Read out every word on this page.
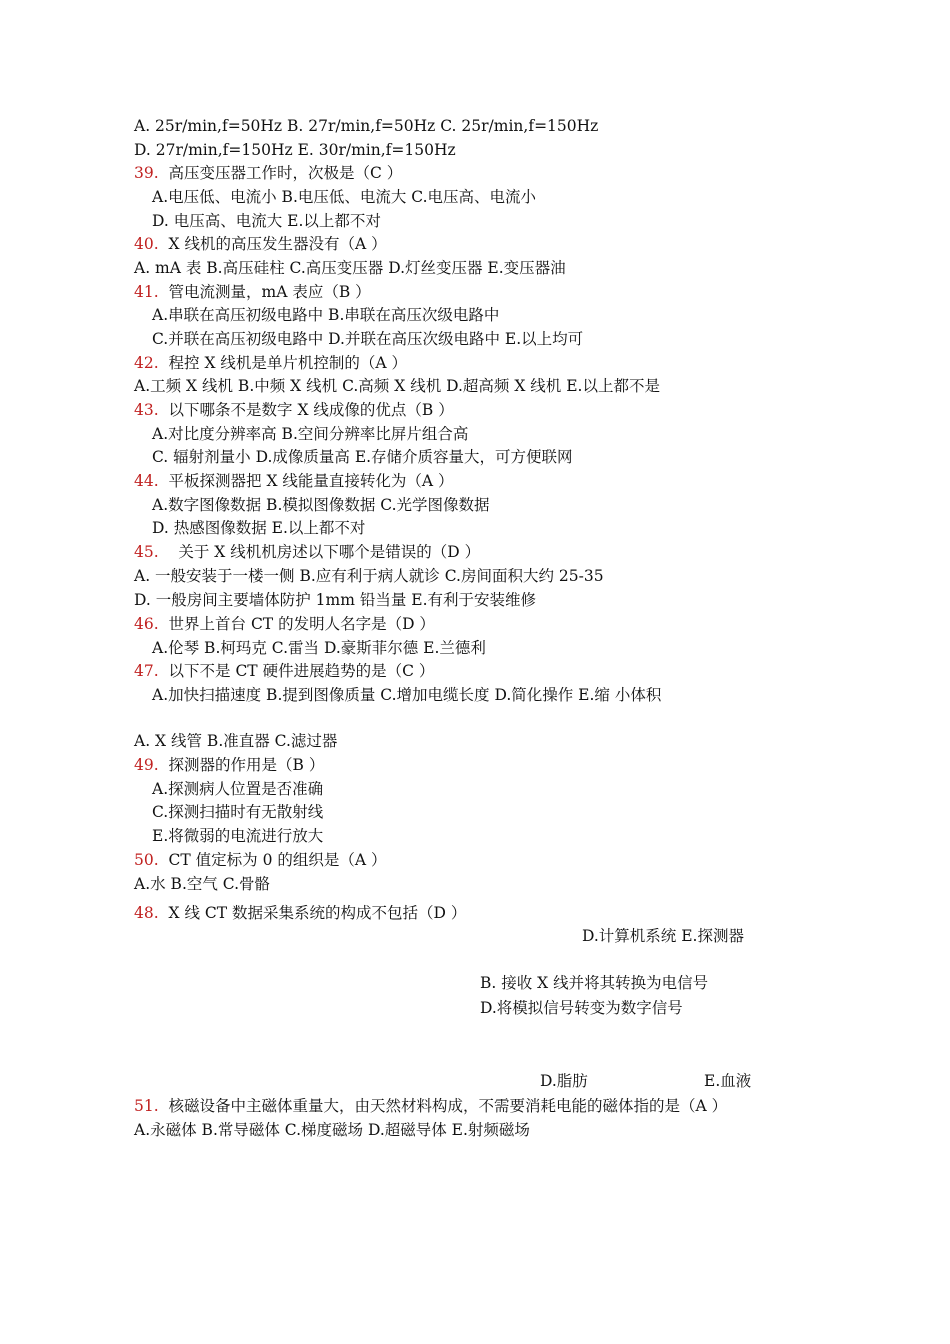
A. 25r/min,f=50Hz B. 27r/min,f=50Hz C. 25r/min,f=150Hz
D. 27r/min,f=150Hz E. 30r/min,f=150Hz
39. 高压变压器工作时，次极是（C ）
A.电压低、电流小 B.电压低、电流大 C.电压高、电流小
D. 电压高、电流大 E.以上都不对
40. X 线机的高压发生器没有（A ）
A. mA 表 B.高压硅柱 C.高压变压器 D.灯丝变压器 E.变压器油
41. 管电流测量，mA 表应（B ）
A.串联在高压初级电路中 B.串联在高压次级电路中
C.并联在高压初级电路中 D.并联在高压次级电路中 E.以上均可
42. 程控 X 线机是单片机控制的（A ）
A.工频 X 线机 B.中频 X 线机 C.高频 X 线机 D.超高频 X 线机 E.以上都不是
43. 以下哪条不是数字 X 线成像的优点（B ）
A.对比度分辨率高 B.空间分辨率比屏片组合高
C. 辐射剂量小 D.成像质量高 E.存储介质容量大，可方便联网
44. 平板探测器把 X 线能量直接转化为（A ）
A.数字图像数据 B.模拟图像数据 C.光学图像数据
D. 热感图像数据 E.以上都不对
45. 关于 X 线机机房述以下哪个是错误的（D ）
A. 一般安装于一楼一侧 B.应有利于病人就诊 C.房间面积大约 25-35
D. 一般房间主要墙体防护 1mm 铅当量 E.有利于安装维修
46. 世界上首台 CT 的发明人名字是（D ）
A.伦琴 B.柯玛克 C.雷当 D.豪斯菲尔德 E.兰德利
47. 以下不是 CT 硬件进展趋势的是（C ）
A.加快扫描速度 B.提到图像质量 C.增加电缆长度 D.简化操作 E.缩 小体积
A. X 线管 B.准直器 C.滤过器
49. 探测器的作用是（B ）
A.探测病人位置是否准确
C.探测扫描时有无散射线
E.将微弱的电流进行放大
50. CT 值定标为 0 的组织是（A ）
A.水 B.空气 C.骨骼
48. X 线 CT 数据采集系统的构成不包括（D ）
D.计算机系统 E.探测器
B. 接收 X 线并将其转换为电信号
D.将模拟信号转变为数字信号
D.脂肪	E.血液
51. 核磁设备中主磁体重量大，由天然材料构成，不需要消耗电能的磁体指的是（A ）
A.永磁体 B.常导磁体 C.梯度磁场 D.超磁导体 E.射频磁场
